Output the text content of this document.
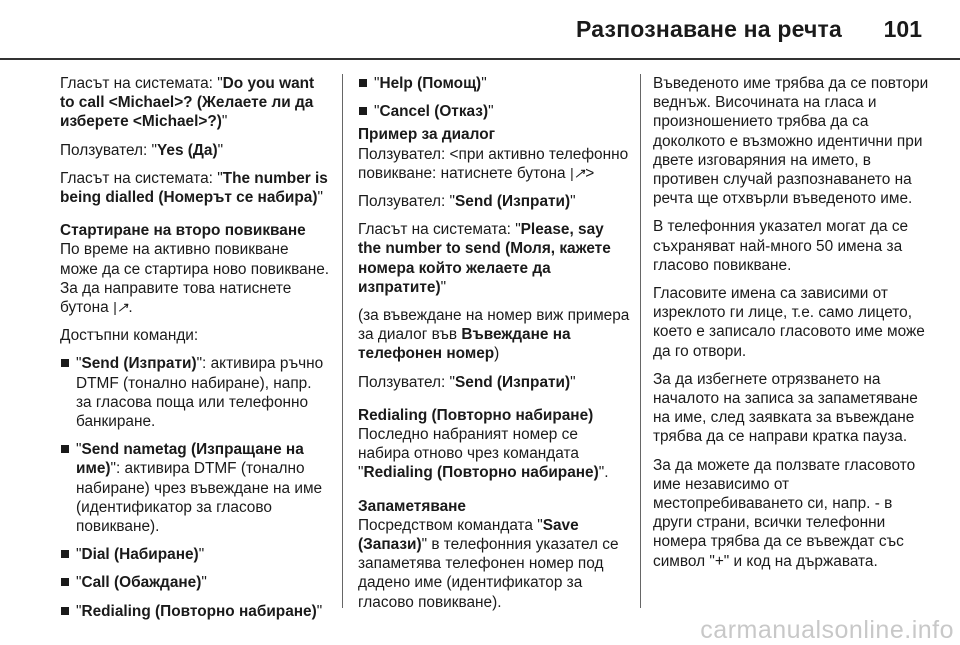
Разпознаване на речта 101

Гласът на системата: "Do you want to call <Michael>? (Желаете ли да изберете <Michael>?)"

Ползувател: "Yes (Да)"

Гласът на системата: "The number is being dialled (Номерът се набира)"

Стартиране на второ повикване

По време на активно повикване може да се стартира ново повикване. За да направите това натиснете бутона |↗.

Достъпни команди:

"Send (Изпрати)": активира ръчно DTMF (тонално набиране), напр. за гласова поща или телефонно банкиране.
"Send nametag (Изпращане на име)": активира DTMF (тонално набиране) чрез въвеждане на име (идентификатор за гласово повикване).
"Dial (Набиране)"
"Call (Обаждане)"
"Redialing (Повторно набиране)"
"Help (Помощ)"
"Cancel (Отказ)"
Пример за диалог

Ползувател: <при активно телефонно повикване: натиснете бутона |↗>

Ползувател: "Send (Изпрати)"

Гласът на системата: "Please, say the number to send (Моля, кажете номера който желаете да изпратите)"

(за въвеждане на номер виж примера за диалог във Въвеждане на телефонен номер)

Ползувател: "Send (Изпрати)"

Redialing (Повторно набиране)

Последно набраният номер се набира отново чрез командата "Redialing (Повторно набиране)".

Запаметяване

Посредством командата "Save (Запази)" в телефонния указател се запаметява телефонен номер под дадено име (идентификатор за гласово повикване).

Въведеното име трябва да се повтори веднъж. Височината на гласа и произношението трябва да са доколкото е възможно идентични при двете изговаряния на името, в противен случай разпознаването на речта ще отхвърли въведеното име.

В телефонния указател могат да се съхраняват най-много 50 имена за гласово повикване.

Гласовите имена са зависими от изреклото ги лице, т.е. само лицето, което е записало гласовото име може да го отвори.

За да избегнете отрязването на началото на записа за запаметяване на име, след заявката за въвеждане трябва да се направи кратка пауза.

За да можете да ползвате гласовото име независимо от местопребиваването си, напр. - в други страни, всички телефонни номера трябва да се въвеждат със символ "+" и код на държавата.

carmanualsonline.info
